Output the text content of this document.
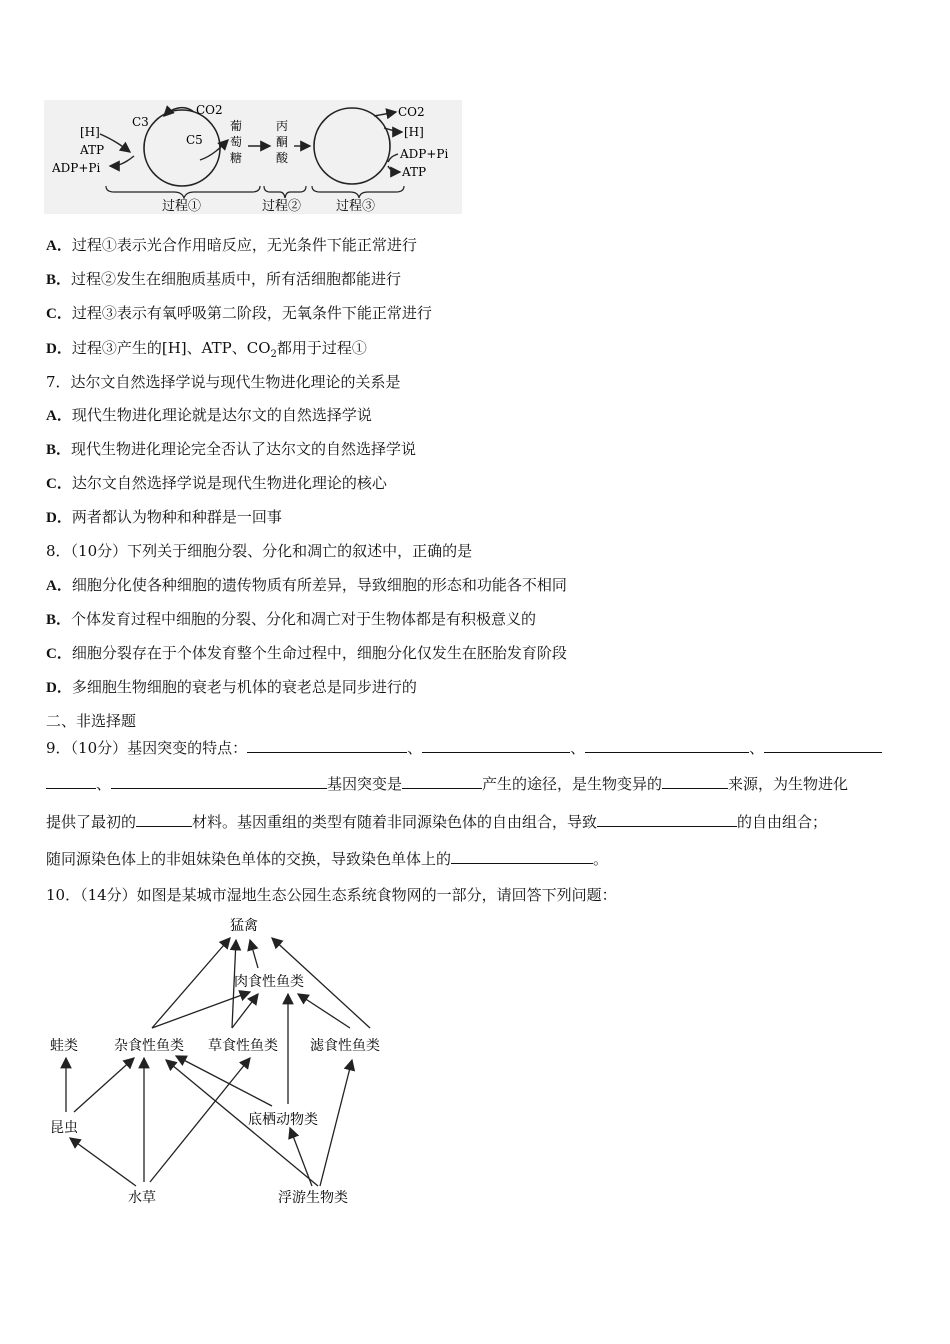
C3
C5
CO2
[H]
ATP
ADP+Pi
葡
萄
糖
丙
酮
酸
CO2
[H]
ADP+Pi
ATP
过程①	过程②	过程③
A．过程①表示光合作用暗反应，无光条件下能正常进行
B．过程②发生在细胞质基质中，所有活细胞都能进行
C．过程③表示有氧呼吸第二阶段，无氧条件下能正常进行
D．过程③产生的[H]、ATP、$CO_2$都用于过程①
7．达尔文自然选择学说与现代生物进化理论的关系是
A．现代生物进化理论就是达尔文的自然选择学说
B．现代生物进化理论完全否认了达尔文的自然选择学说
C．达尔文自然选择学说是现代生物进化理论的核心
D．两者都认为物种和种群是一回事
8．（10分）下列关于细胞分裂、分化和凋亡的叙述中，正确的是
A．细胞分化使各种细胞的遗传物质有所差异，导致细胞的形态和功能各不相同
B．个体发育过程中细胞的分裂、分化和凋亡对于生物体都是有积极意义的
C．细胞分裂存在于个体发育整个生命过程中，细胞分化仅发生在胚胎发育阶段
D．多细胞生物细胞的衰老与机体的衰老总是同步进行的
二、非选择题
9．（10分）基因突变的特点：	、	、	、
、	基因突变是	产生的途径，是生物变异的	来源，为生物进化
提供了最初的	材料。基因重组的类型有随着非同源染色体的自由组合，导致	的自由组合；
随同源染色体上的非姐妹染色单体的交换，导致染色单体上的	。
10．（14分）如图是某城市湿地生态公园生态系统食物网的一部分，请回答下列问题：
猛禽
肉食性鱼类
蛙类	杂食性鱼类 草食性鱼类 滤食性鱼类
昆虫	底栖动物类
水草	浮游生物类
